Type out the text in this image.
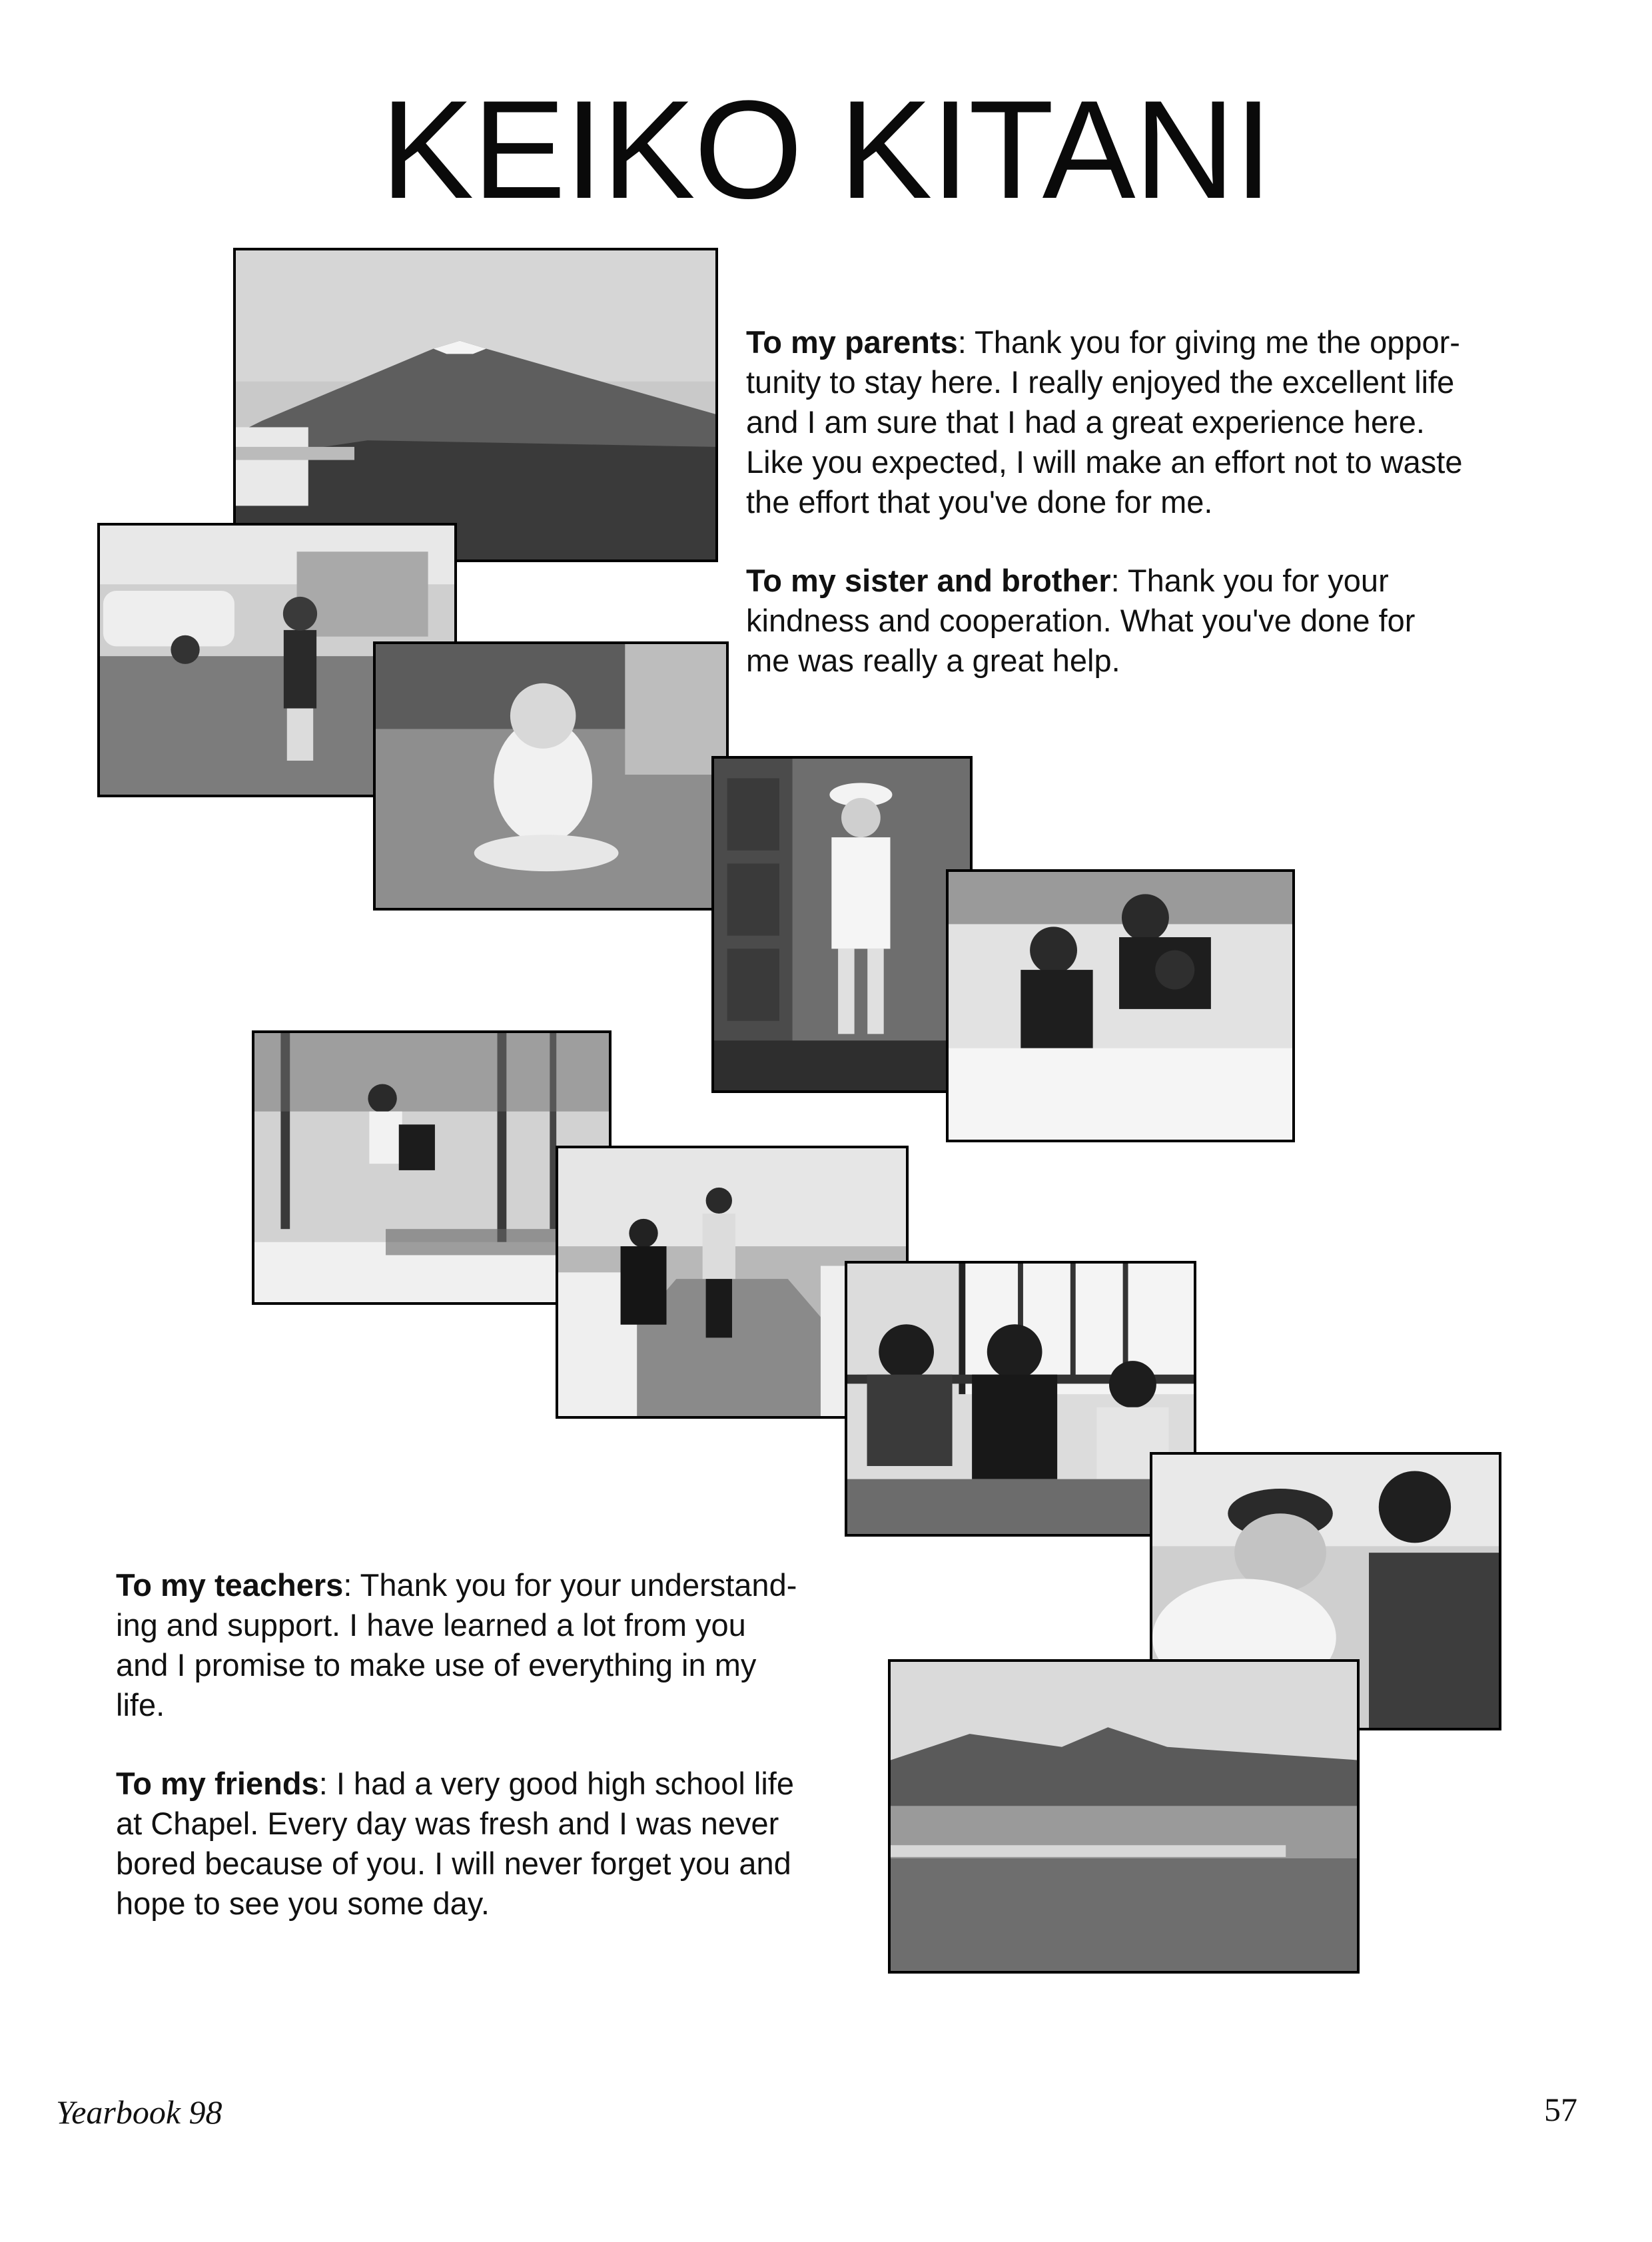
KEIKO KITANI
To my parents: Thank you for giving me the oppor-
tunity to stay here. I really enjoyed the excellent life
and I am sure that I had a great experience here.
Like you expected, I will make an effort not to waste
the effort that you've done for me.
To my sister and brother: Thank you for your
kindness and cooperation. What you've done for
me was really a great help.
To my teachers: Thank you for your understand-
ing and support. I have learned a lot from you
and I promise to make use of everything in my
life.
To my friends: I had a very good high school life
at Chapel. Every day was fresh and I was never
bored because of you. I will never forget you and
hope to see you some day.
Yearbook 98	57
